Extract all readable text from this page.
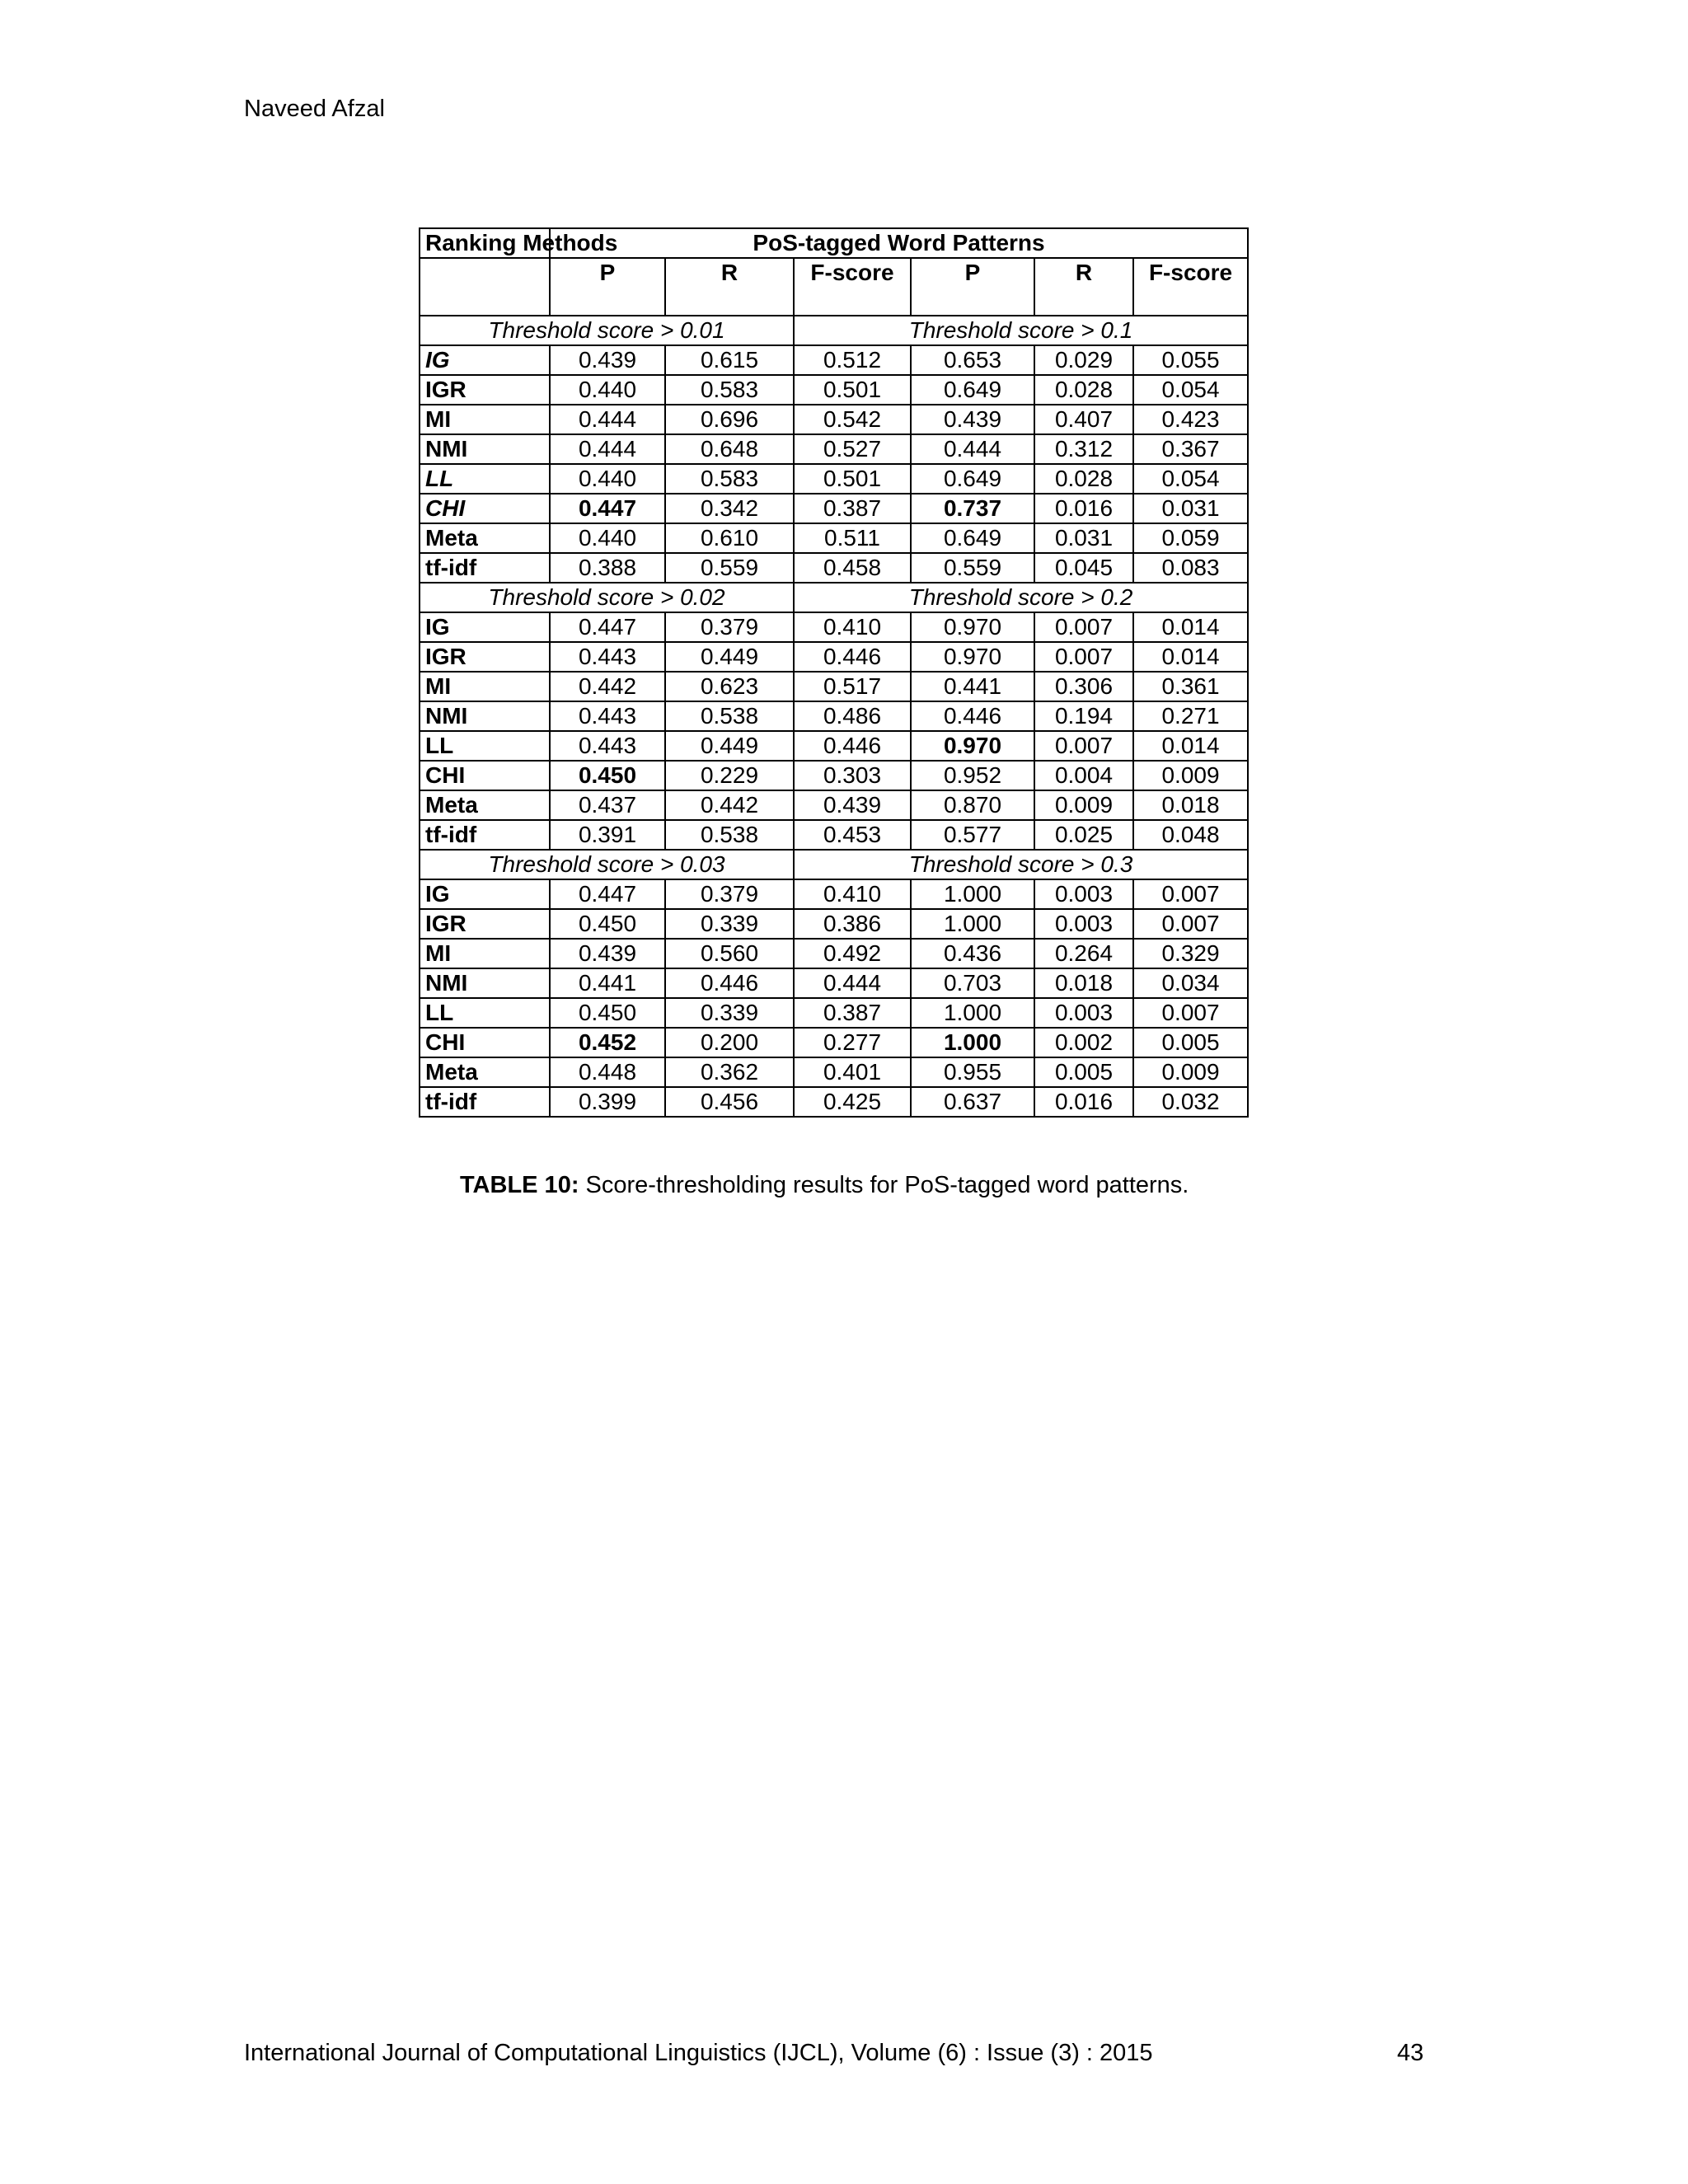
Naveed Afzal
Ranking Methods	PoS-tagged Word Patterns					
	P	R	F-score	P	R	F-score
Threshold score > 0.01			Threshold score > 0.1			
IG	0.439	0.615	0.512	0.653	0.029	0.055
IGR	0.440	0.583	0.501	0.649	0.028	0.054
MI	0.444	0.696	0.542	0.439	0.407	0.423
NMI	0.444	0.648	0.527	0.444	0.312	0.367
LL	0.440	0.583	0.501	0.649	0.028	0.054
CHI	0.447	0.342	0.387	0.737	0.016	0.031
Meta	0.440	0.610	0.511	0.649	0.031	0.059
tf-idf	0.388	0.559	0.458	0.559	0.045	0.083
Threshold score > 0.02			Threshold score > 0.2			
IG	0.447	0.379	0.410	0.970	0.007	0.014
IGR	0.443	0.449	0.446	0.970	0.007	0.014
MI	0.442	0.623	0.517	0.441	0.306	0.361
NMI	0.443	0.538	0.486	0.446	0.194	0.271
LL	0.443	0.449	0.446	0.970	0.007	0.014
CHI	0.450	0.229	0.303	0.952	0.004	0.009
Meta	0.437	0.442	0.439	0.870	0.009	0.018
tf-idf	0.391	0.538	0.453	0.577	0.025	0.048
Threshold score > 0.03			Threshold score > 0.3			
IG	0.447	0.379	0.410	1.000	0.003	0.007
IGR	0.450	0.339	0.386	1.000	0.003	0.007
MI	0.439	0.560	0.492	0.436	0.264	0.329
NMI	0.441	0.446	0.444	0.703	0.018	0.034
LL	0.450	0.339	0.387	1.000	0.003	0.007
CHI	0.452	0.200	0.277	1.000	0.002	0.005
Meta	0.448	0.362	0.401	0.955	0.005	0.009
tf-idf	0.399	0.456	0.425	0.637	0.016	0.032
TABLE 10: Score-thresholding results for PoS-tagged word patterns.
International Journal of Computational Linguistics (IJCL), Volume (6) : Issue (3) : 2015	43
